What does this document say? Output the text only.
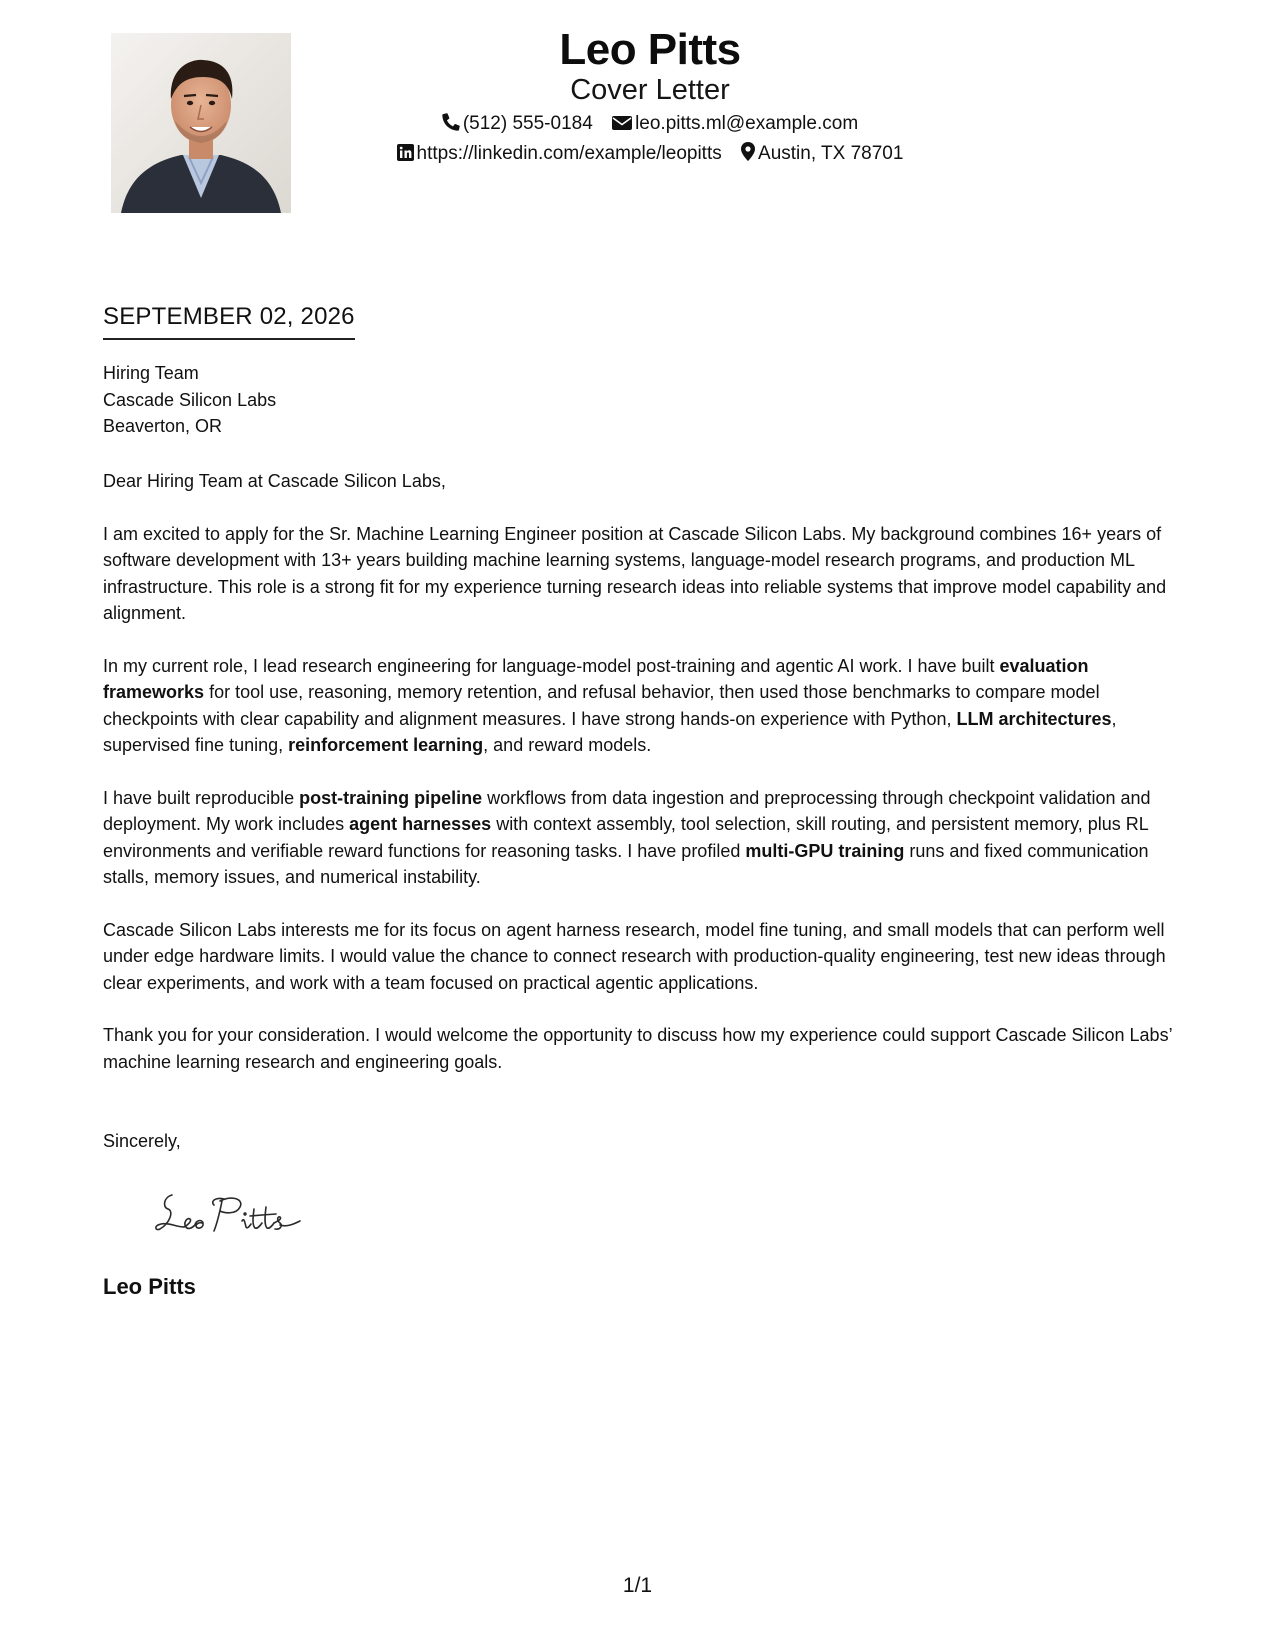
Leo Pitts
Cover Letter
(512) 555-0184 leo.pitts.ml@example.com
https://linkedin.com/example/leopitts Austin, TX 78701
SEPTEMBER 02, 2026
Hiring Team
Cascade Silicon Labs
Beaverton, OR

Dear Hiring Team at Cascade Silicon Labs,

I am excited to apply for the Sr. Machine Learning Engineer position at Cascade Silicon Labs. My background combines 16+ years of software development with 13+ years building machine learning systems, language-model research programs, and production ML infrastructure. This role is a strong fit for my experience turning research ideas into reliable systems that improve model capability and alignment.

In my current role, I lead research engineering for language-model post-training and agentic AI work. I have built evaluation frameworks for tool use, reasoning, memory retention, and refusal behavior, then used those benchmarks to compare model checkpoints with clear capability and alignment measures. I have strong hands-on experience with Python, LLM architectures, supervised fine tuning, reinforcement learning, and reward models.

I have built reproducible post-training pipeline workflows from data ingestion and preprocessing through checkpoint validation and deployment. My work includes agent harnesses with context assembly, tool selection, skill routing, and persistent memory, plus RL environments and verifiable reward functions for reasoning tasks. I have profiled multi-GPU training runs and fixed communication stalls, memory issues, and numerical instability.

Cascade Silicon Labs interests me for its focus on agent harness research, model fine tuning, and small models that can perform well under edge hardware limits. I would value the chance to connect research with production-quality engineering, test new ideas through clear experiments, and work with a team focused on practical agentic applications.

Thank you for your consideration. I would welcome the opportunity to discuss how my experience could support Cascade Silicon Labs’ machine learning research and engineering goals.

Sincerely,
Leo Pitts
1/1
